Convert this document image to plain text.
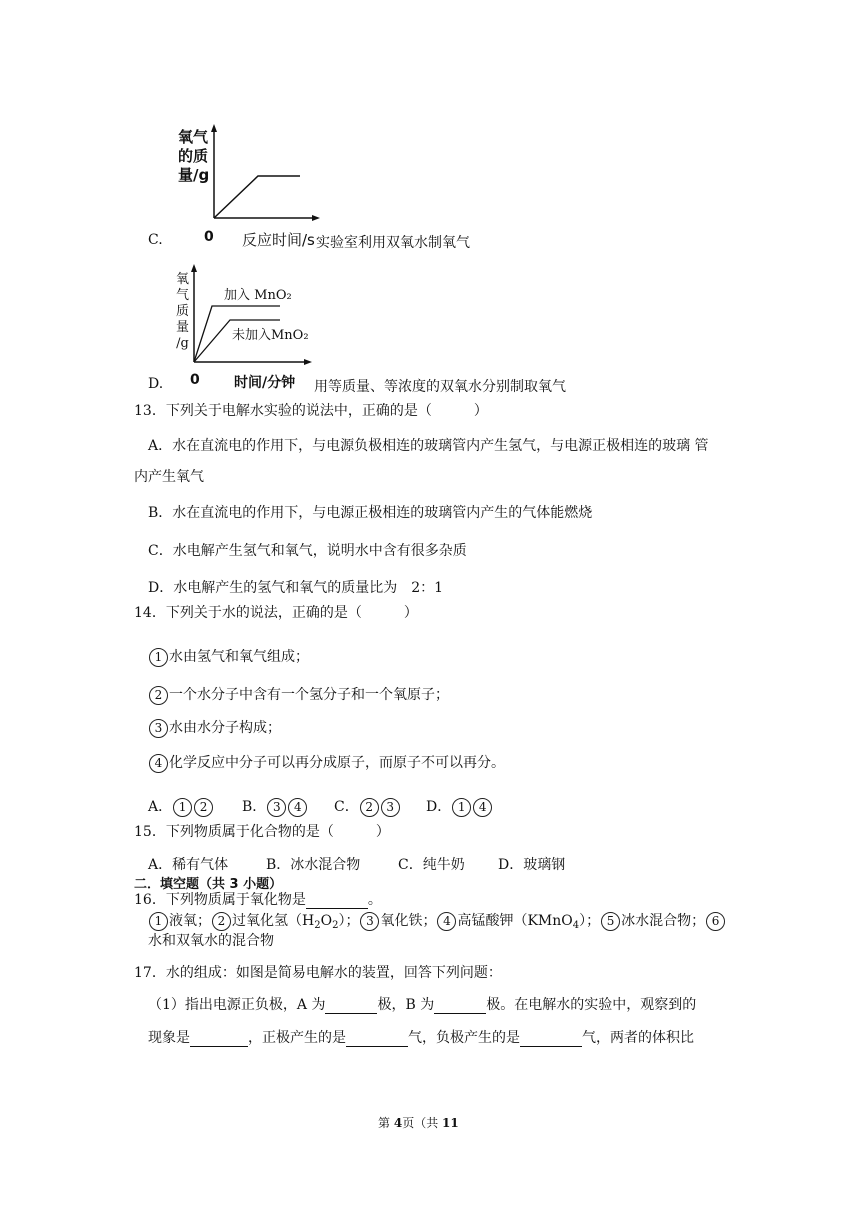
氧气
的质
量/g
C.	0 反应时间/s 实验室利用双氧水制氧气
氧
气
质
量
/g
加入 MnO₂
未加入MnO₂
D. 0 时间/分钟 用等质量、等浓度的双氧水分别制取氧气
13．下列关于电解水实验的说法中，正确的是（　　　）
A．水在直流电的作用下，与电源负极相连的玻璃管内产生氢气，与电源正极相连的玻璃 管
内产生氧气
B．水在直流电的作用下，与电源正极相连的玻璃管内产生的气体能燃烧
C．水电解产生氢气和氧气，说明水中含有很多杂质
D．水电解产生的氢气和氧气的质量比为　2：1
14．下列关于水的说法，正确的是（　　　）
1 水由氢气和氧气组成；
2 一个水分子中含有一个氢分子和一个氧原子；
3 水由水分子构成；
4 化学反应中分子可以再分成原子，而原子不可以再分。
A． 1 2	B． 3 4	C． 2 3	D． 1 4
15．下列物质属于化合物的是（　　　）
A．稀有气体	B．冰水混合物	C．纯牛奶 D．玻璃钢
二．填空题（共 3 小题）
16．下列物质属于氧化物是	。
1 液氧； 2 过氧化氢$(H_2O_2)$； 3 氧化铁； 4 高锰酸钾（KMnO$_4$）； 5 冰水混合物； 6
水和双氧水的混合物
17．水的组成：如图是简易电解水的装置，回答下列问题：
（1）指出电源正负极，A 为	极，B 为	极。在电解水的实验中，观察到的
现象是	，正极产生的是	气，负极产生的是	气，两者的体积比
第 4页（共 11
